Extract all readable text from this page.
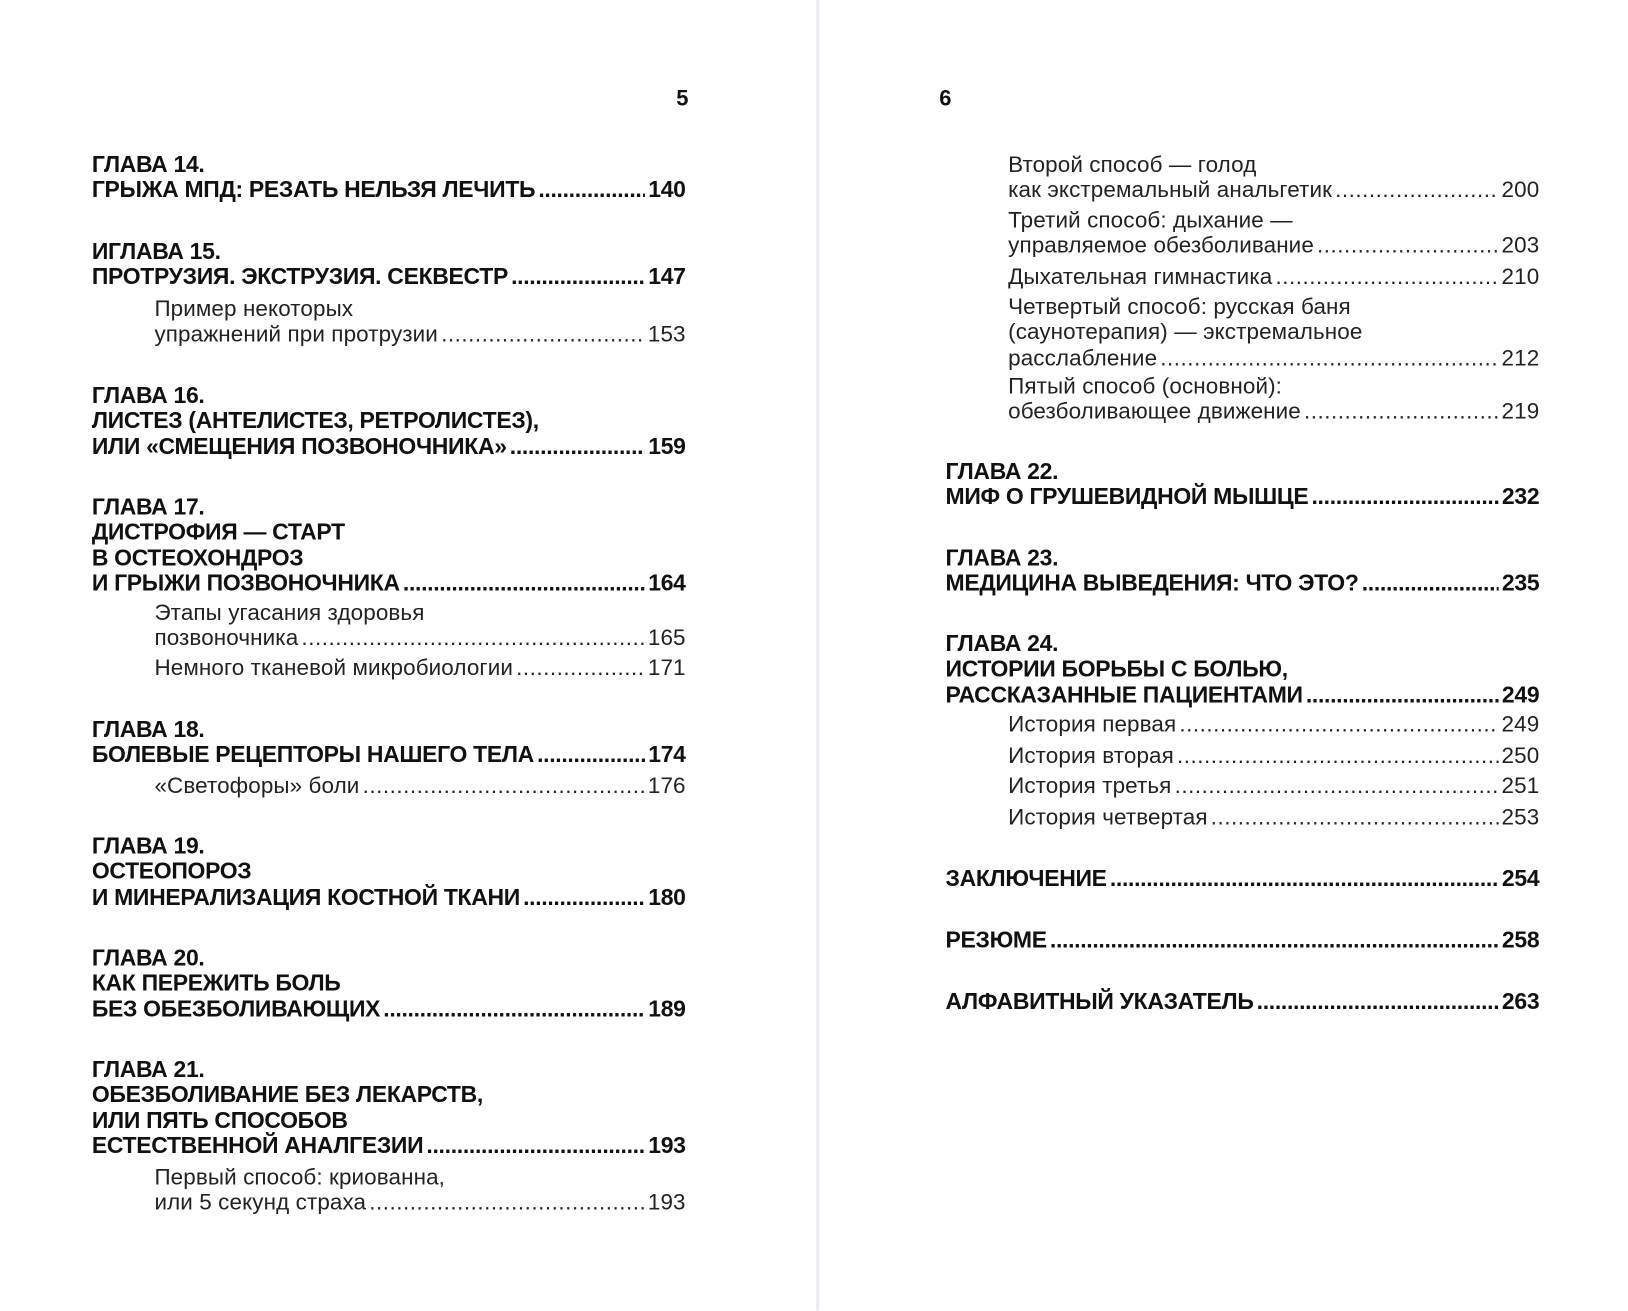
5	6
ГЛАВА 14.
ГРЫЖА МПД: РЕЗАТЬ НЕЛЬЗЯ ЛЕЧИТЬ .....	140
ИГЛАВА 15.
ПРОТРУЗИЯ. ЭКСТРУЗИЯ. СЕКВЕСТР .....	147
Пример некоторых
упражнений при протрузии .....	153
ГЛАВА 16.
ЛИСТЕЗ (АНТЕЛИСТЕЗ, РЕТРОЛИСТЕЗ),
ИЛИ «СМЕЩЕНИЯ ПОЗВОНОЧНИКА» .....	159
ГЛАВА 17.
ДИСТРОФИЯ — СТАРТ
В ОСТЕОХОНДРОЗ
И ГРЫЖИ ПОЗВОНОЧНИКА .....	164
Этапы угасания здоровья
позвоночника .....	165
Немного тканевой микробиологии .....	171
ГЛАВА 18.
БОЛЕВЫЕ РЕЦЕПТОРЫ НАШЕГО ТЕЛА .....	174
«Светофоры» боли .....	176
ГЛАВА 19.
ОСТЕОПОРОЗ
И МИНЕРАЛИЗАЦИЯ КОСТНОЙ ТКАНИ .....	180
ГЛАВА 20.
КАК ПЕРЕЖИТЬ БОЛЬ
БЕЗ ОБЕЗБОЛИВАЮЩИХ .....	189
ГЛАВА 21.
ОБЕЗБОЛИВАНИЕ БЕЗ ЛЕКАРСТВ,
ИЛИ ПЯТЬ СПОСОБОВ
ЕСТЕСТВЕННОЙ АНАЛГЕЗИИ .....	193
Первый способ: криованна,
или 5 секунд страха .....	193
Второй способ — голод
как экстремальный анальгетик .....	200
Третий способ: дыхание —
управляемое обезболивание .....	203
Дыхательная гимнастика .....	210
Четвертый способ: русская баня
(саунотерапия) — экстремальное
расслабление .....	212
Пятый способ (основной):
обезболивающее движение .....	219
ГЛАВА 22.
МИФ О ГРУШЕВИДНОЙ МЫШЦЕ .....	232
ГЛАВА 23.
МЕДИЦИНА ВЫВЕДЕНИЯ: ЧТО ЭТО? .....	235
ГЛАВА 24.
ИСТОРИИ БОРЬБЫ С БОЛЬЮ,
РАССКАЗАННЫЕ ПАЦИЕНТАМИ .....	249
История первая .....	249
История вторая .....	250
История третья .....	251
История четвертая .....	253
ЗАКЛЮЧЕНИЕ .....	254
РЕЗЮМЕ .....	258
АЛФАВИТНЫЙ УКАЗАТЕЛЬ .....	263
